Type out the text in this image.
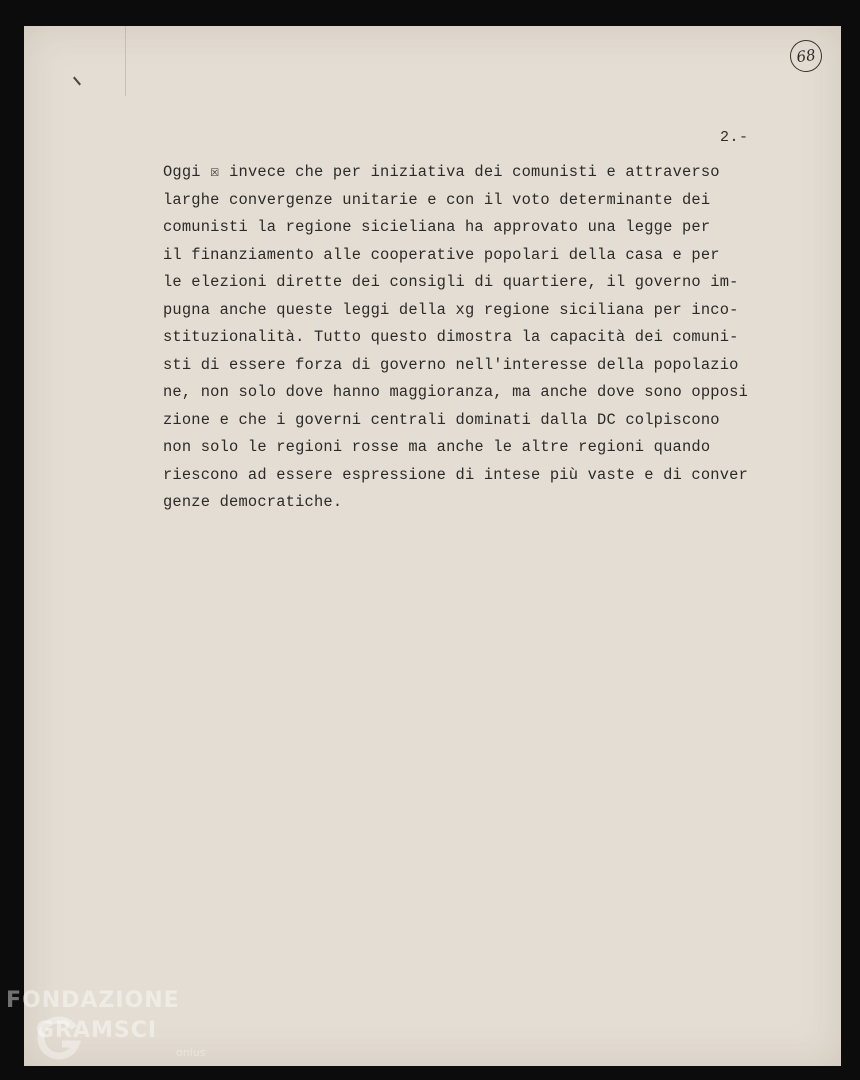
68
2.-
Oggi ☒ invece che per iniziativa dei comunisti e attraverso
larghe convergenze unitarie e con il voto determinante dei
comunisti la regione sicieliana ha approvato una legge per
il finanziamento alle cooperative popolari della casa e per
le elezioni dirette dei consigli di quartiere, il governo im-
pugna anche queste leggi della xg regione siciliana per inco-
stituzionalità. Tutto questo dimostra la capacità dei comuni-
sti di essere forza di governo nell'interesse della popolazio
ne, non solo dove hanno maggioranza, ma anche dove sono opposi
zione e che i governi centrali dominati dalla DC colpiscono
non solo le regioni rosse ma anche le altre regioni quando
riescono ad essere espressione di intese più vaste e di conver
genze democratiche.
FONDAZIONE
GRAMSCI
onlus
